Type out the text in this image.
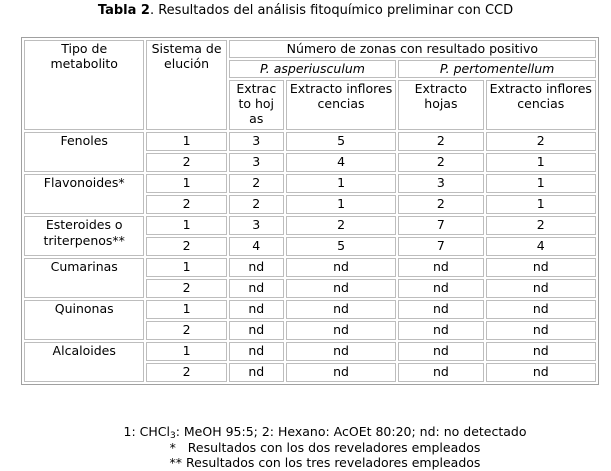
Tabla 2. Resultados del análisis fitoquímico preliminar con CCD
Tipo de metabolito	Sistema de elución	Número de zonas con resultado positivo			
		P. asperiusculum		P. pertomentellum	
		Extracto hojas	Extracto inflorescencias	Extracto hojas	Extracto inflorescencias
Fenoles	1	3	5	2	2
	2	3	4	2	1
Flavonoides*	1	2	1	3	1
	2	2	1	2	1
Esteroides o triterpenos**	1	3	2	7	2
	2	4	5	7	4
Cumarinas	1	nd	nd	nd	nd
	2	nd	nd	nd	nd
Quinonas	1	nd	nd	nd	nd
	2	nd	nd	nd	nd
Alcaloides	1	nd	nd	nd	nd
	2	nd	nd	nd	nd
1: CHCl$_3$: MeOH 95:5; 2: Hexano: AcOEt 80:20; nd: no detectado
*   Resultados con los dos reveladores empleados
** Resultados con los tres reveladores empleados
